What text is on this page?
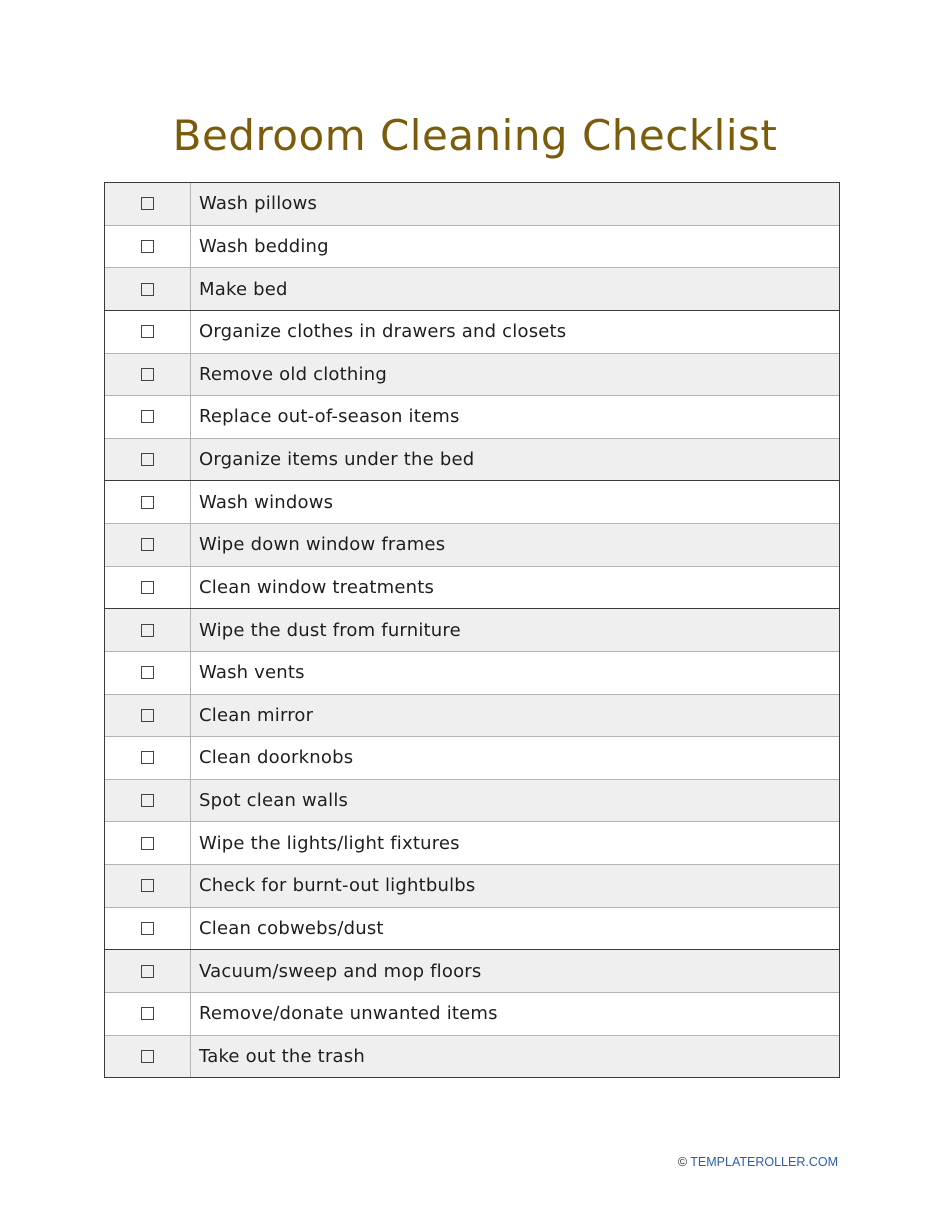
Bedroom Cleaning Checklist
Wash pillows
Wash bedding
Make bed
Organize clothes in drawers and closets
Remove old clothing
Replace out-of-season items
Organize items under the bed
Wash windows
Wipe down window frames
Clean window treatments
Wipe the dust from furniture
Wash vents
Clean mirror
Clean doorknobs
Spot clean walls
Wipe the lights/light fixtures
Check for burnt-out lightbulbs
Clean cobwebs/dust
Vacuum/sweep and mop floors
Remove/donate unwanted items
Take out the trash
© TEMPLATEROLLER.COM
